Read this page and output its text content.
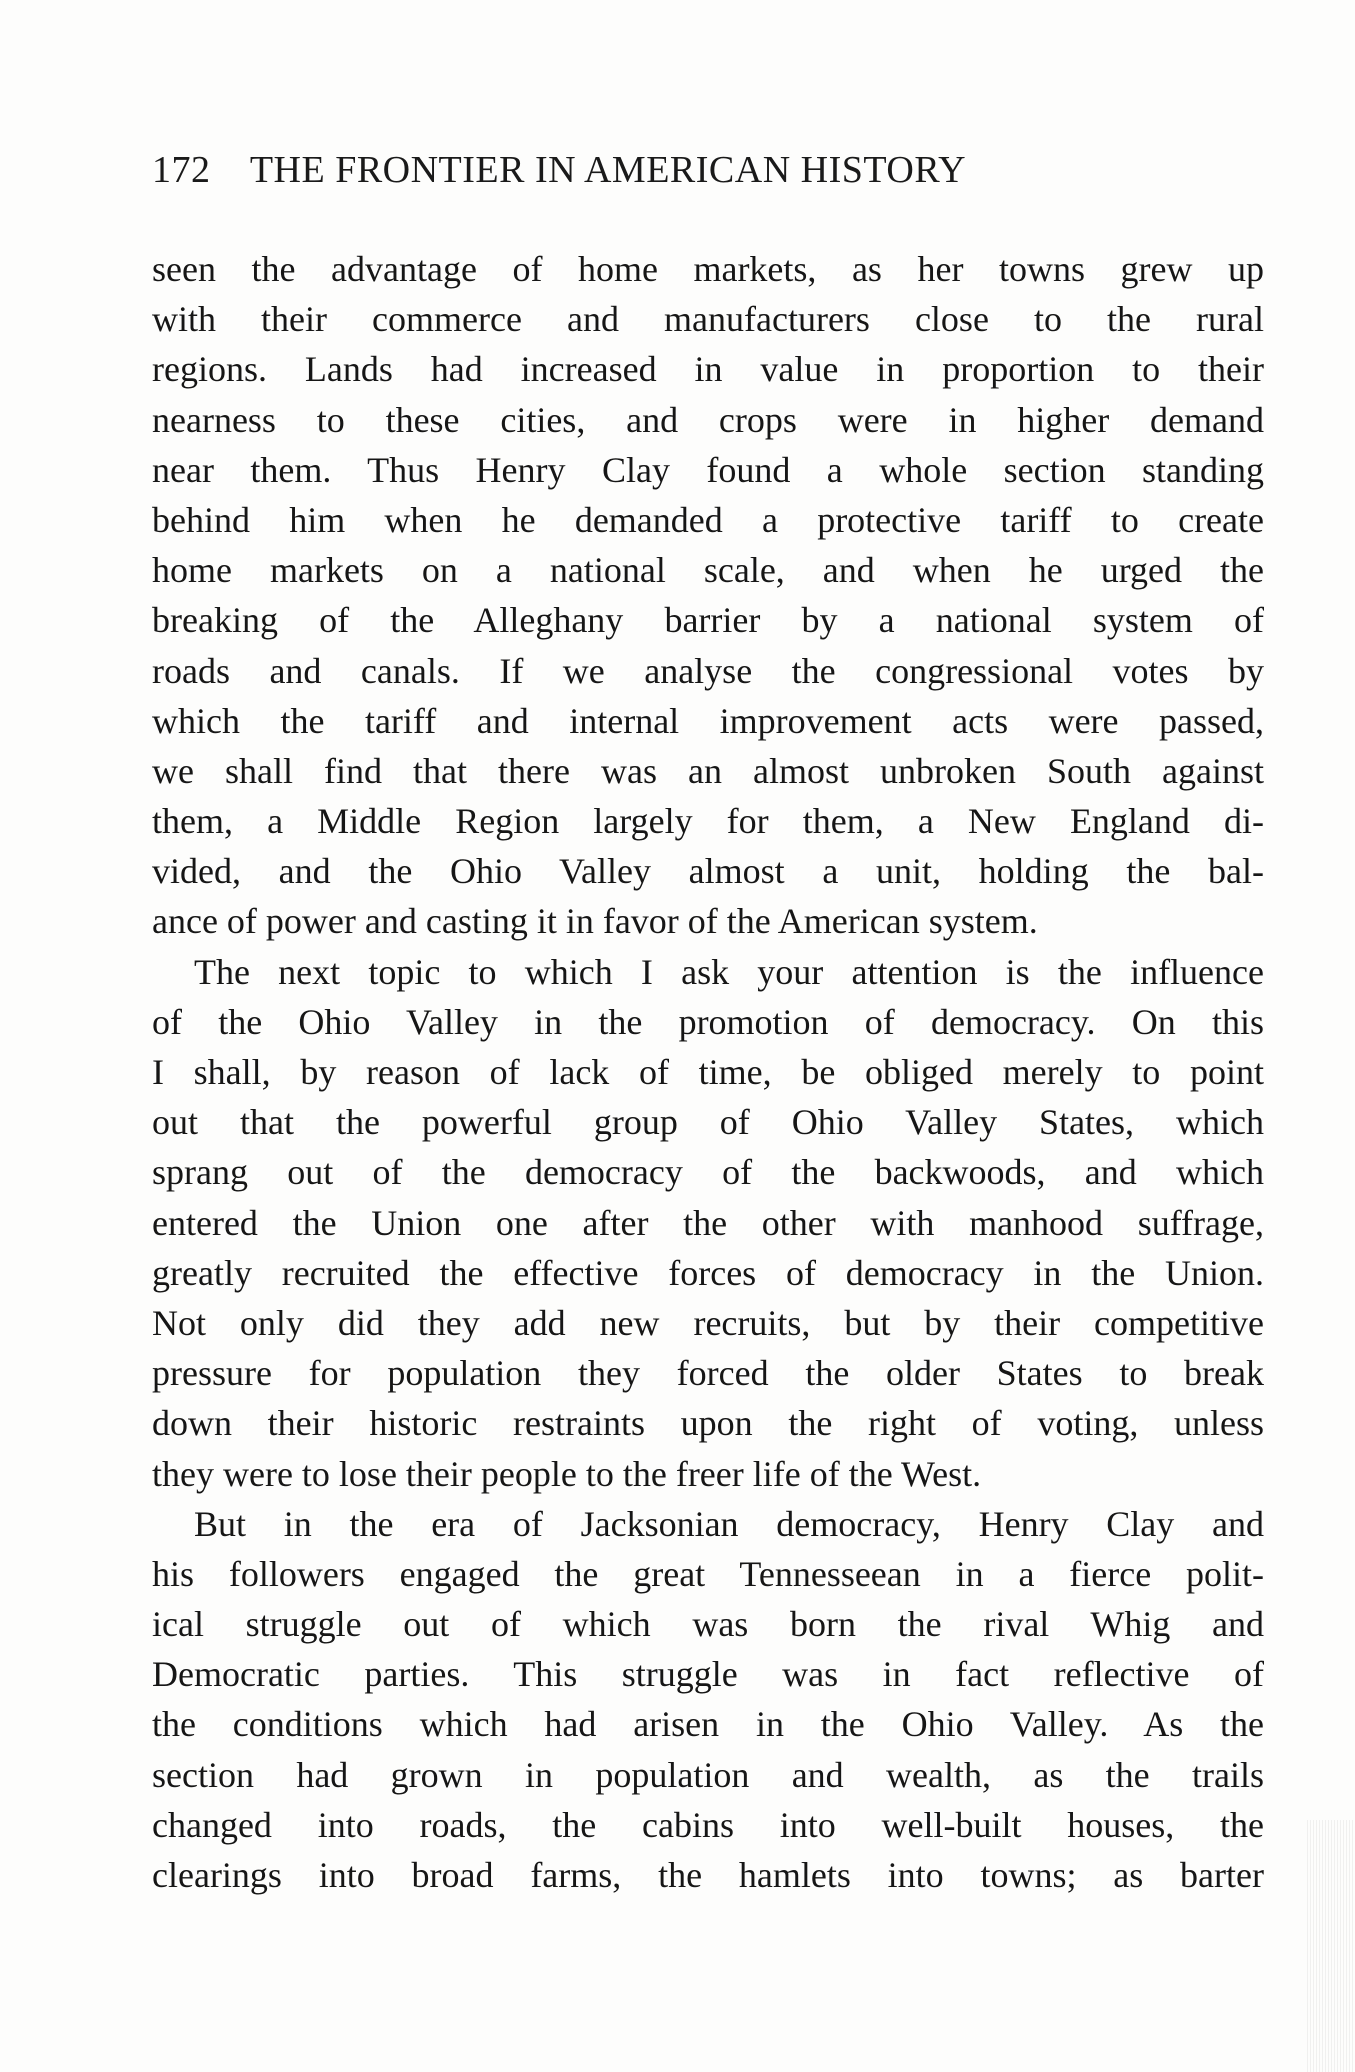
172 THE FRONTIER IN AMERICAN HISTORY
seen the advantage of home markets, as her towns grew up
with their commerce and manufacturers close to the rural
regions. Lands had increased in value in proportion to their
nearness to these cities, and crops were in higher demand
near them. Thus Henry Clay found a whole section standing
behind him when he demanded a protective tariff to create
home markets on a national scale, and when he urged the
breaking of the Alleghany barrier by a national system of
roads and canals. If we analyse the congressional votes by
which the tariff and internal improvement acts were passed,
we shall find that there was an almost unbroken South against
them, a Middle Region largely for them, a New England di-
vided, and the Ohio Valley almost a unit, holding the bal-
ance of power and casting it in favor of the American system.
The next topic to which I ask your attention is the influence
of the Ohio Valley in the promotion of democracy. On this
I shall, by reason of lack of time, be obliged merely to point
out that the powerful group of Ohio Valley States, which
sprang out of the democracy of the backwoods, and which
entered the Union one after the other with manhood suffrage,
greatly recruited the effective forces of democracy in the Union.
Not only did they add new recruits, but by their competitive
pressure for population they forced the older States to break
down their historic restraints upon the right of voting, unless
they were to lose their people to the freer life of the West.
But in the era of Jacksonian democracy, Henry Clay and
his followers engaged the great Tennesseean in a fierce polit-
ical struggle out of which was born the rival Whig and
Democratic parties. This struggle was in fact reflective of
the conditions which had arisen in the Ohio Valley. As the
section had grown in population and wealth, as the trails
changed into roads, the cabins into well-built houses, the
clearings into broad farms, the hamlets into towns; as barter
